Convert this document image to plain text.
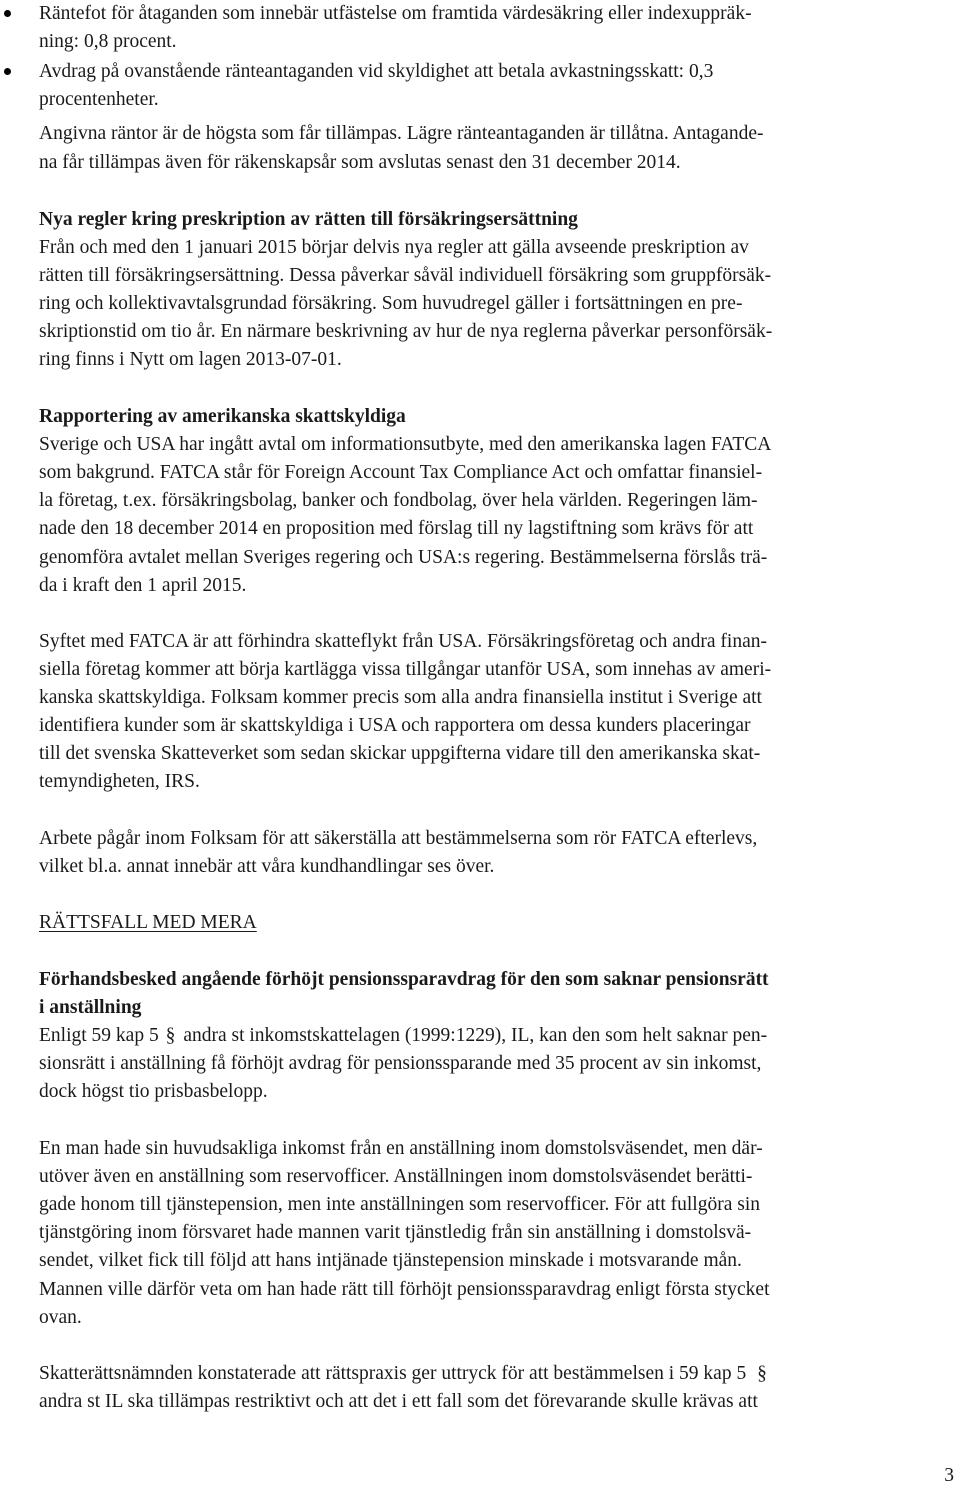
Räntefot för åtaganden som innebär utfästelse om framtida värdesäkring eller indexuppräk-
ning: 0,8 procent.
Avdrag på ovanstående ränteantaganden vid skyldighet att betala avkastningsskatt: 0,3
procentenheter.
Angivna räntor är de högsta som får tillämpas. Lägre ränteantaganden är tillåtna. Antagande-
na får tillämpas även för räkenskapsår som avslutas senast den 31 december 2014.
Nya regler kring preskription av rätten till försäkringsersättning
Från och med den 1 januari 2015 börjar delvis nya regler att gälla avseende preskription av
rätten till försäkringsersättning. Dessa påverkar såväl individuell försäkring som gruppförsäk-
ring och kollektivavtalsgrundad försäkring. Som huvudregel gäller i fortsättningen en pre-
skriptionstid om tio år. En närmare beskrivning av hur de nya reglerna påverkar personförsäk-
ring finns i Nytt om lagen 2013-07-01.
Rapportering av amerikanska skattskyldiga
Sverige och USA har ingått avtal om informationsutbyte, med den amerikanska lagen FATCA
som bakgrund. FATCA står för Foreign Account Tax Compliance Act och omfattar finansiel-
la företag, t.ex. försäkringsbolag, banker och fondbolag, över hela världen. Regeringen läm-
nade den 18 december 2014 en proposition med förslag till ny lagstiftning som krävs för att
genomföra avtalet mellan Sveriges regering och USA:s regering. Bestämmelserna förslås trä-
da i kraft den 1 april 2015.
Syftet med FATCA är att förhindra skatteflykt från USA. Försäkringsföretag och andra finan-
siella företag kommer att börja kartlägga vissa tillgångar utanför USA, som innehas av ameri-
kanska skattskyldiga. Folksam kommer precis som alla andra finansiella institut i Sverige att
identifiera kunder som är skattskyldiga i USA och rapportera om dessa kunders placeringar
till det svenska Skatteverket som sedan skickar uppgifterna vidare till den amerikanska skat-
temyndigheten, IRS.
Arbete pågår inom Folksam för att säkerställa att bestämmelserna som rör FATCA efterlevs,
vilket bl.a. annat innebär att våra kundhandlingar ses över.
RÄTTSFALL MED MERA
Förhandsbesked angående förhöjt pensionssparavdrag för den som saknar pensionsrätt
i anställning
Enligt 59 kap 5 § andra st inkomstskattelagen (1999:1229), IL, kan den som helt saknar pen-
sionsrätt i anställning få förhöjt avdrag för pensionssparande med 35 procent av sin inkomst,
dock högst tio prisbasbelopp.
En man hade sin huvudsakliga inkomst från en anställning inom domstolsväsendet, men där-
utöver även en anställning som reservofficer. Anställningen inom domstolsväsendet berätti-
gade honom till tjänstepension, men inte anställningen som reservofficer. För att fullgöra sin
tjänstgöring inom försvaret hade mannen varit tjänstledig från sin anställning i domstolsvä-
sendet, vilket fick till följd att hans intjänade tjänstepension minskade i motsvarande mån.
Mannen ville därför veta om han hade rätt till förhöjt pensionssparavdrag enligt första stycket
ovan.
Skatterättsnämnden konstaterade att rättspraxis ger uttryck för att bestämmelsen i 59 kap 5 §
andra st IL ska tillämpas restriktivt och att det i ett fall som det förevarande skulle krävas att
3
